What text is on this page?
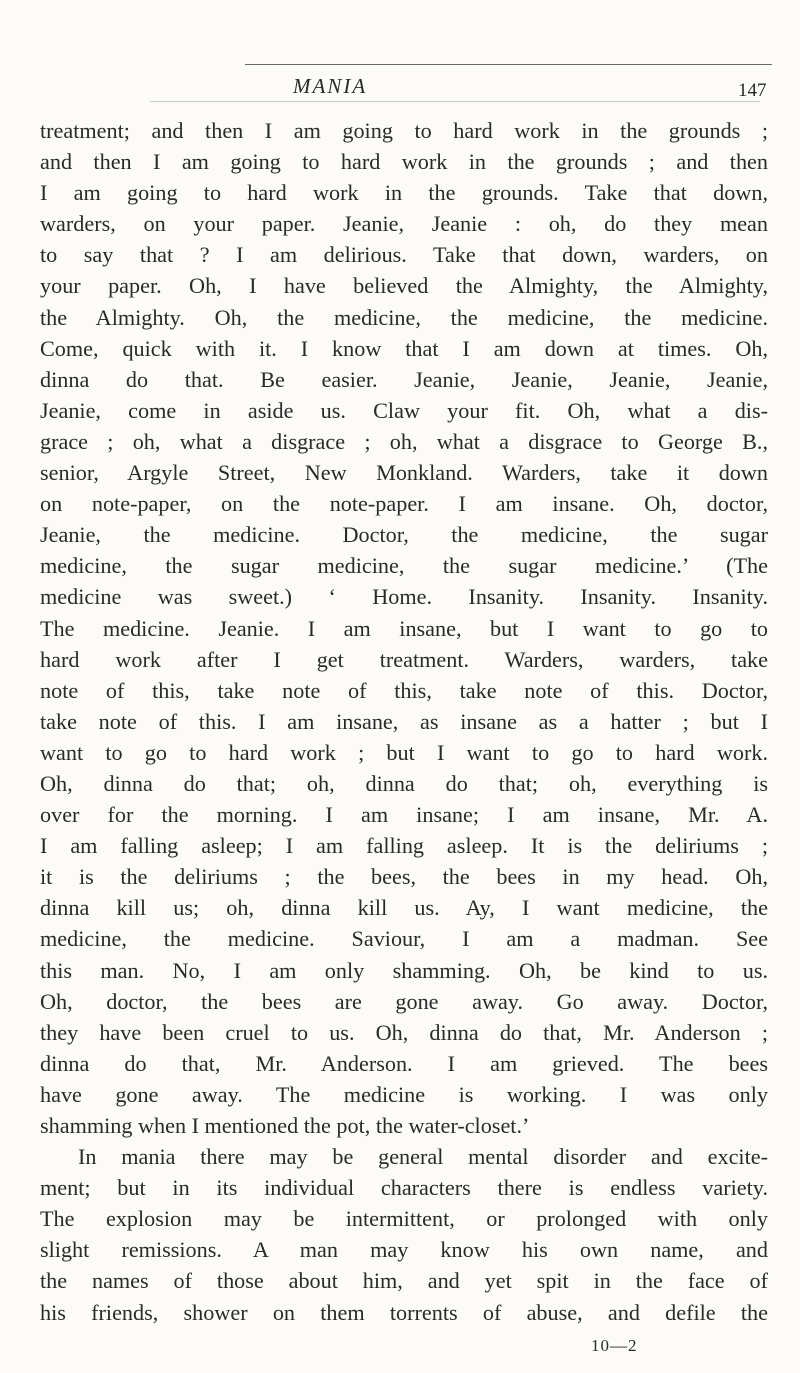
MANIA	147
treatment; and then I am going to hard work in the grounds ;
and then I am going to hard work in the grounds ; and then
I am going to hard work in the grounds. Take that down,
warders, on your paper. Jeanie, Jeanie : oh, do they mean
to say that ? I am delirious. Take that down, warders, on
your paper. Oh, I have believed the Almighty, the Almighty,
the Almighty. Oh, the medicine, the medicine, the medicine.
Come, quick with it. I know that I am down at times. Oh,
dinna do that. Be easier. Jeanie, Jeanie, Jeanie, Jeanie,
Jeanie, come in aside us. Claw your fit. Oh, what a dis-
grace ; oh, what a disgrace ; oh, what a disgrace to George B.,
senior, Argyle Street, New Monkland. Warders, take it down
on note-paper, on the note-paper. I am insane. Oh, doctor,
Jeanie, the medicine. Doctor, the medicine, the sugar
medicine, the sugar medicine, the sugar medicine.’ (The
medicine was sweet.) ‘ Home. Insanity. Insanity. Insanity.
The medicine. Jeanie. I am insane, but I want to go to
hard work after I get treatment. Warders, warders, take
note of this, take note of this, take note of this. Doctor,
take note of this. I am insane, as insane as a hatter ; but I
want to go to hard work ; but I want to go to hard work.
Oh, dinna do that; oh, dinna do that; oh, everything is
over for the morning. I am insane; I am insane, Mr. A.
I am falling asleep; I am falling asleep. It is the deliriums ;
it is the deliriums ; the bees, the bees in my head. Oh,
dinna kill us; oh, dinna kill us. Ay, I want medicine, the
medicine, the medicine. Saviour, I am a madman. See
this man. No, I am only shamming. Oh, be kind to us.
Oh, doctor, the bees are gone away. Go away. Doctor,
they have been cruel to us. Oh, dinna do that, Mr. Anderson ;
dinna do that, Mr. Anderson. I am grieved. The bees
have gone away. The medicine is working. I was only
shamming when I mentioned the pot, the water-closet.’
In mania there may be general mental disorder and excite-
ment; but in its individual characters there is endless variety.
The explosion may be intermittent, or prolonged with only
slight remissions. A man may know his own name, and
the names of those about him, and yet spit in the face of
his friends, shower on them torrents of abuse, and defile the
10—2
